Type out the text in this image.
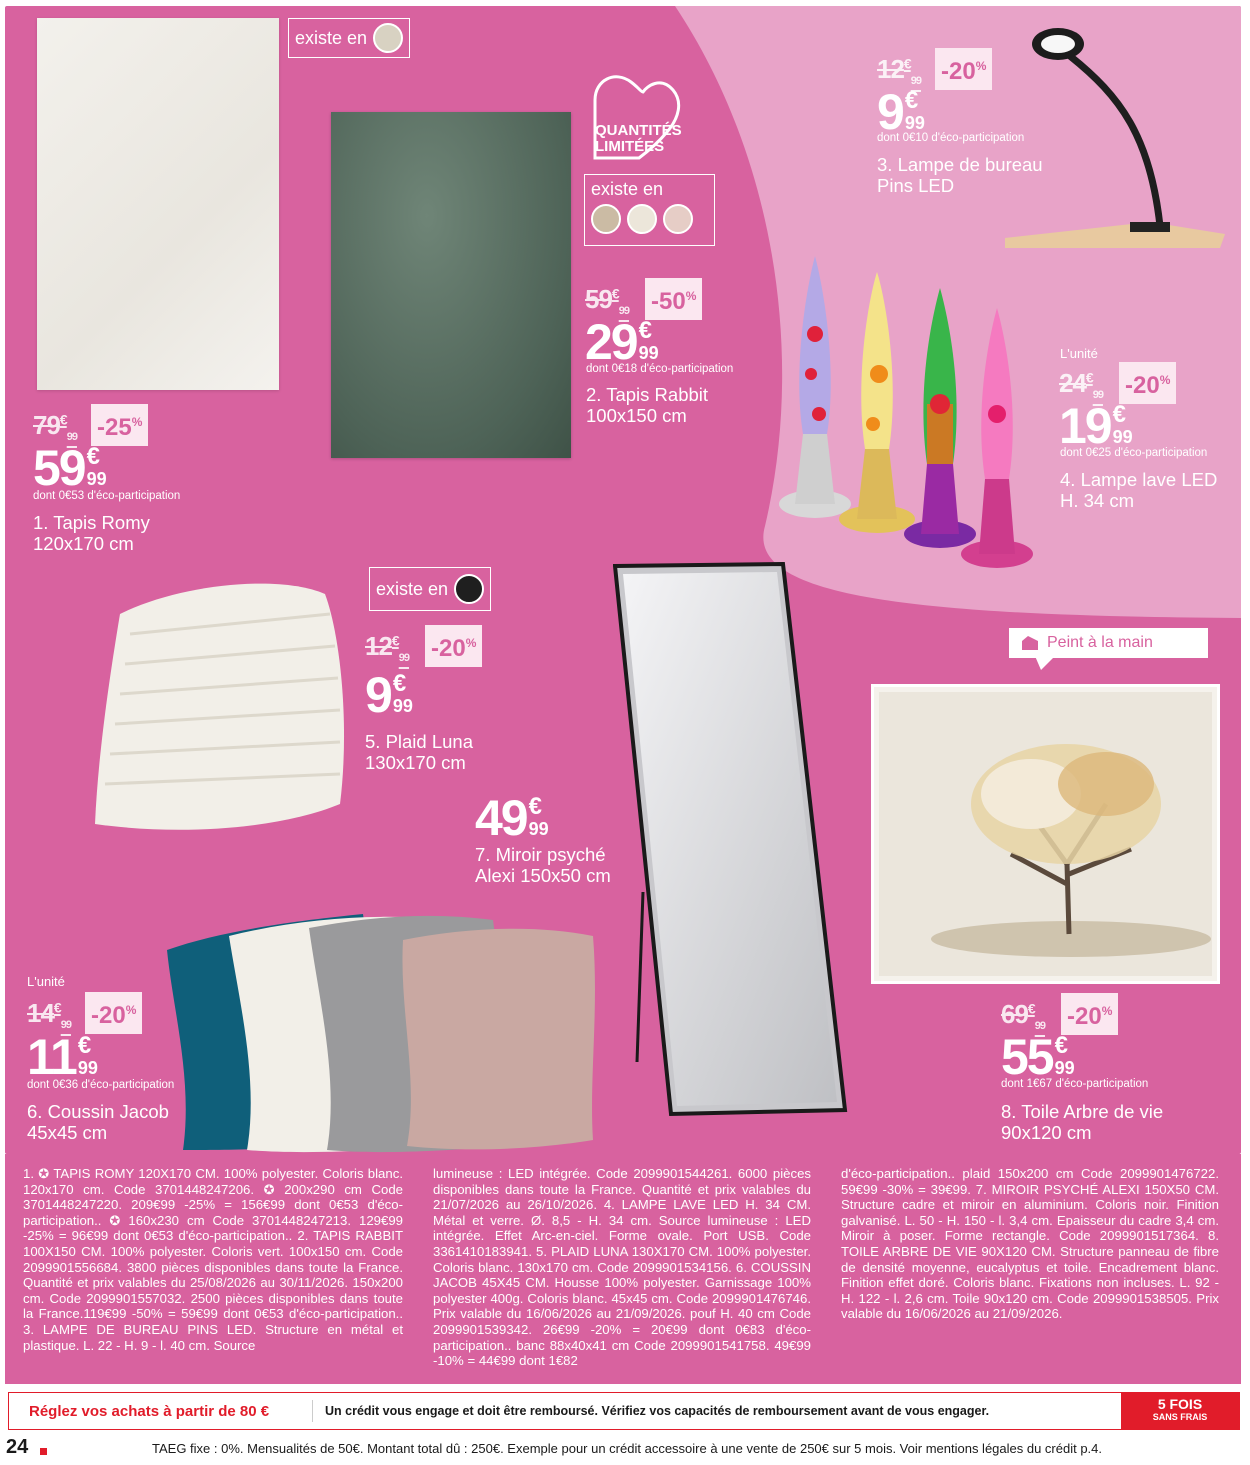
existe en
QUANTITÉS
LIMITÉES
existe en
$59^€_{99}$ -50%
29 €
99
dont 0€18 d'éco-participation
2. Tapis Rabbit
100x150 cm
$12^€_{99}$ -20%
9 €
99
dont 0€10 d'éco-participation
3. Lampe de bureau
Pins LED
L'unité
$24^€_{99}$ -20%
19 €
99
dont 0€25 d'éco-participation
4. Lampe lave LED
H. 34 cm
$79^€_{99}$ -25%
59 €
99
dont 0€53 d'éco-participation
1. Tapis Romy
120x170 cm
existe en
$12^€_{99}$ -20%
9 €
99
5. Plaid Luna
130x170 cm
49 €
99
7. Miroir psyché
Alexi 150x50 cm
Peint à la main
$69^€_{99}$ -20%
55 €
99
dont 1€67 d'éco-participation
8. Toile Arbre de vie
90x120 cm
L'unité
$14^€_{99}$ -20%
11 €
99
dont 0€36 d'éco-participation
6. Coussin Jacob
45x45 cm
1. ✪ TAPIS ROMY 120X170 CM. 100% polyester. Coloris blanc. 120x170 cm. Code 3701448247206. ✪ 200x290 cm Code 3701448247220. 209€99 -25% = 156€99 dont 0€53 d'éco-participation.. ✪ 160x230 cm Code 3701448247213. 129€99 -25% = 96€99 dont 0€53 d'éco-participation.. 2. TAPIS RABBIT 100X150 CM. 100% polyester. Coloris vert. 100x150 cm. Code 2099901556684. 3800 pièces disponibles dans toute la France. Quantité et prix valables du 25/08/2026 au 30/11/2026. 150x200 cm. Code 2099901557032. 2500 pièces disponibles dans toute la France.119€99 -50% = 59€99 dont 0€53 d'éco-participation.. 3. LAMPE DE BUREAU PINS LED. Structure en métal et plastique. L. 22 - H. 9 - l. 40 cm. Source
lumineuse : LED intégrée. Code 2099901544261. 6000 pièces disponibles dans toute la France. Quantité et prix valables du 21/07/2026 au 26/10/2026. 4. LAMPE LAVE LED H. 34 CM. Métal et verre. Ø. 8,5 - H. 34 cm. Source lumineuse : LED intégrée. Effet Arc-en-ciel. Forme ovale. Port USB. Code 3361410183941. 5. PLAID LUNA 130X170 CM. 100% polyester. Coloris blanc. 130x170 cm. Code 2099901534156. 6. COUSSIN JACOB 45X45 CM. Housse 100% polyester. Garnissage 100% polyester 400g. Coloris blanc. 45x45 cm. Code 2099901476746. Prix valable du 16/06/2026 au 21/09/2026. pouf H. 40 cm Code 2099901539342. 26€99 -20% = 20€99 dont 0€83 d'éco-participation.. banc 88x40x41 cm Code 2099901541758. 49€99 -10% = 44€99 dont 1€82
d'éco-participation.. plaid 150x200 cm Code 2099901476722. 59€99 -30% = 39€99. 7. MIROIR PSYCHÉ ALEXI 150X50 CM. Structure cadre et miroir en aluminium. Coloris noir. Finition galvanisé. L. 50 - H. 150 - l. 3,4 cm. Epaisseur du cadre 3,4 cm. Miroir à poser. Forme rectangle. Code 2099901517364. 8. TOILE ARBRE DE VIE 90X120 CM. Structure panneau de fibre de densité moyenne, eucalyptus et toile. Encadrement blanc. Finition effet doré. Coloris blanc. Fixations non incluses. L. 92 - H. 122 - l. 2,6 cm. Toile 90x120 cm. Code 2099901538505. Prix valable du 16/06/2026 au 21/09/2026.
Réglez vos achats à partir de 80 €	Un crédit vous engage et doit être remboursé. Vérifiez vos capacités de remboursement avant de vous engager.	5 FOIS
SANS FRAIS
24	TAEG fixe : 0%. Mensualités de 50€. Montant total dû : 250€. Exemple pour un crédit accessoire à une vente de 250€ sur 5 mois. Voir mentions légales du crédit p.4.
